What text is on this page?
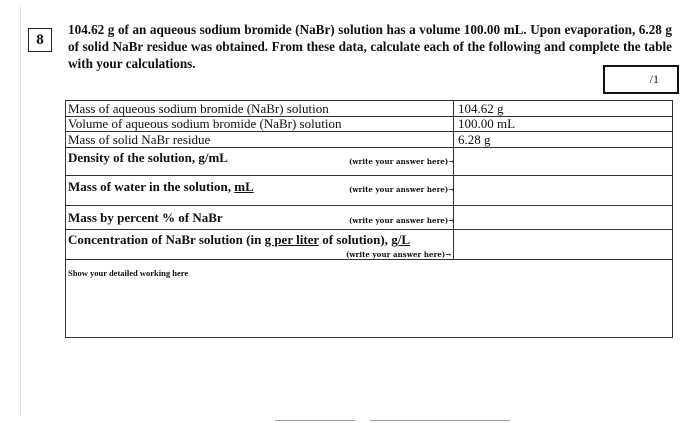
8

104.62 g of an aqueous sodium bromide (NaBr) solution has a volume 100.00 mL. Upon evaporation, 6.28 g of solid NaBr residue was obtained. From these data, calculate each of the following and complete the table with your calculations.

/1
Mass of aqueous sodium bromide (NaBr) solution	104.62 g
Volume of aqueous sodium bromide (NaBr) solution	100.00 mL
Mass of solid NaBr residue	6.28 g
Density of the solution, g/mL	(write your answer here)→
Mass of water in the solution, mL	(write your answer here)→
Mass by percent % of NaBr	(write your answer here)→
Concentration of NaBr solution (in g per liter of solution), g/L
(write your answer here)→
Show your detailed working here
